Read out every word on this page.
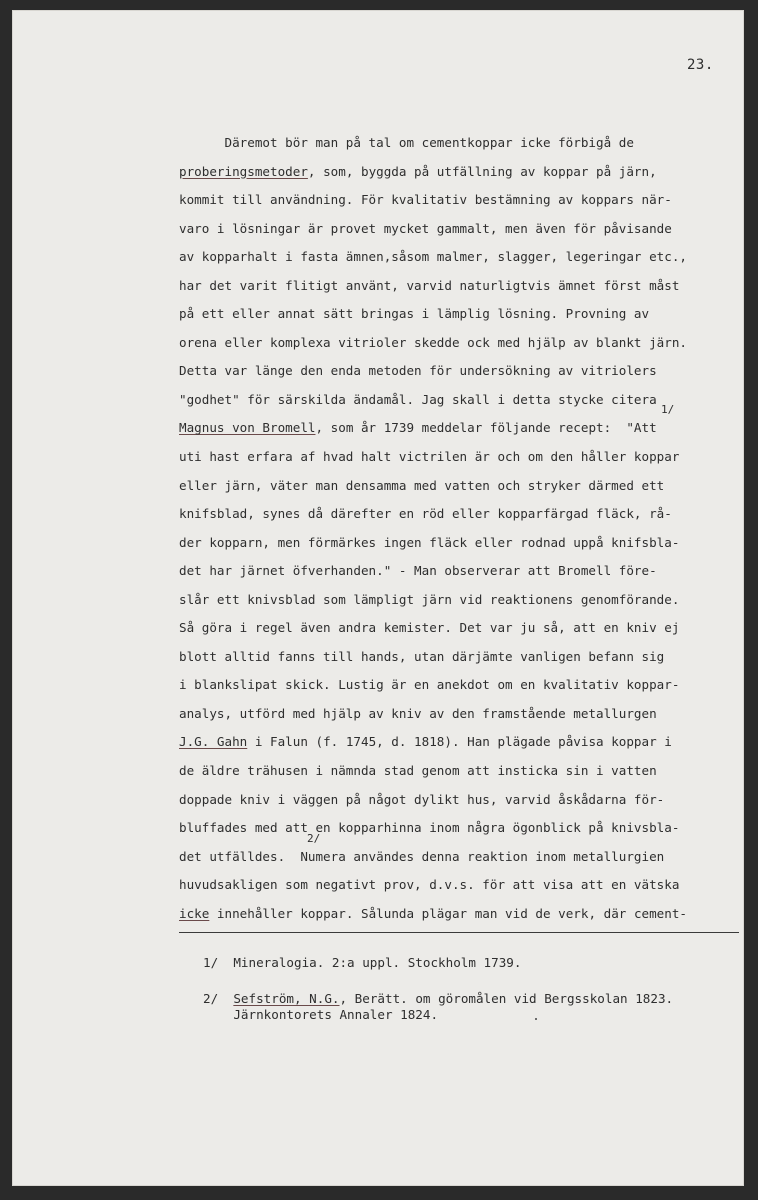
23.
Däremot bör man på tal om cementkoppar icke förbigå de
proberingsmetoder, som, byggda på utfällning av koppar på järn,
kommit till användning. För kvalitativ bestämning av koppars när-
varo i lösningar är provet mycket gammalt, men även för påvisande
av kopparhalt i fasta ämnen,såsom malmer, slagger, legeringar etc.,
har det varit flitigt använt, varvid naturligtvis ämnet först måst
på ett eller annat sätt bringas i lämplig lösning. Provning av
orena eller komplexa vitrioler skedde ock med hjälp av blankt järn.
Detta var länge den enda metoden för undersökning av vitriolers
"godhet" för särskilda ändamål. Jag skall i detta stycke citera
Magnus von Bromell, som år 1739 meddelar följande recept:  "Att
1/
uti hast erfara af hvad halt victrilen är och om den håller koppar
eller järn, väter man densamma med vatten och stryker därmed ett
knifsblad, synes då därefter en röd eller kopparfärgad fläck, rå-
der kopparn, men förmärkes ingen fläck eller rodnad uppå knifsbla-
det har järnet öfverhanden." - Man observerar att Bromell före-
slår ett knivsblad som lämpligt järn vid reaktionens genomförande.
Så göra i regel även andra kemister. Det var ju så, att en kniv ej
blott alltid fanns till hands, utan därjämte vanligen befann sig
i blankslipat skick. Lustig är en anekdot om en kvalitativ koppar-
analys, utförd med hjälp av kniv av den framstående metallurgen
J.G. Gahn i Falun (f. 1745, d. 1818). Han plägade påvisa koppar i
de äldre trähusen i nämnda stad genom att insticka sin i vatten
doppade kniv i väggen på något dylikt hus, varvid åskådarna för-
bluffades med att en kopparhinna inom några ögonblick på knivsbla-
det utfälldes.  Numera användes denna reaktion inom metallurgien
2/
huvudsakligen som negativt prov, d.v.s. för att visa att en vätska
icke innehåller koppar. Sålunda plägar man vid de verk, där cement-
1/  Mineralogia. 2:a uppl. Stockholm 1739.
2/  Sefström, N.G., Berätt. om göromålen vid Bergsskolan 1823.
Järnkontorets Annaler 1824.
